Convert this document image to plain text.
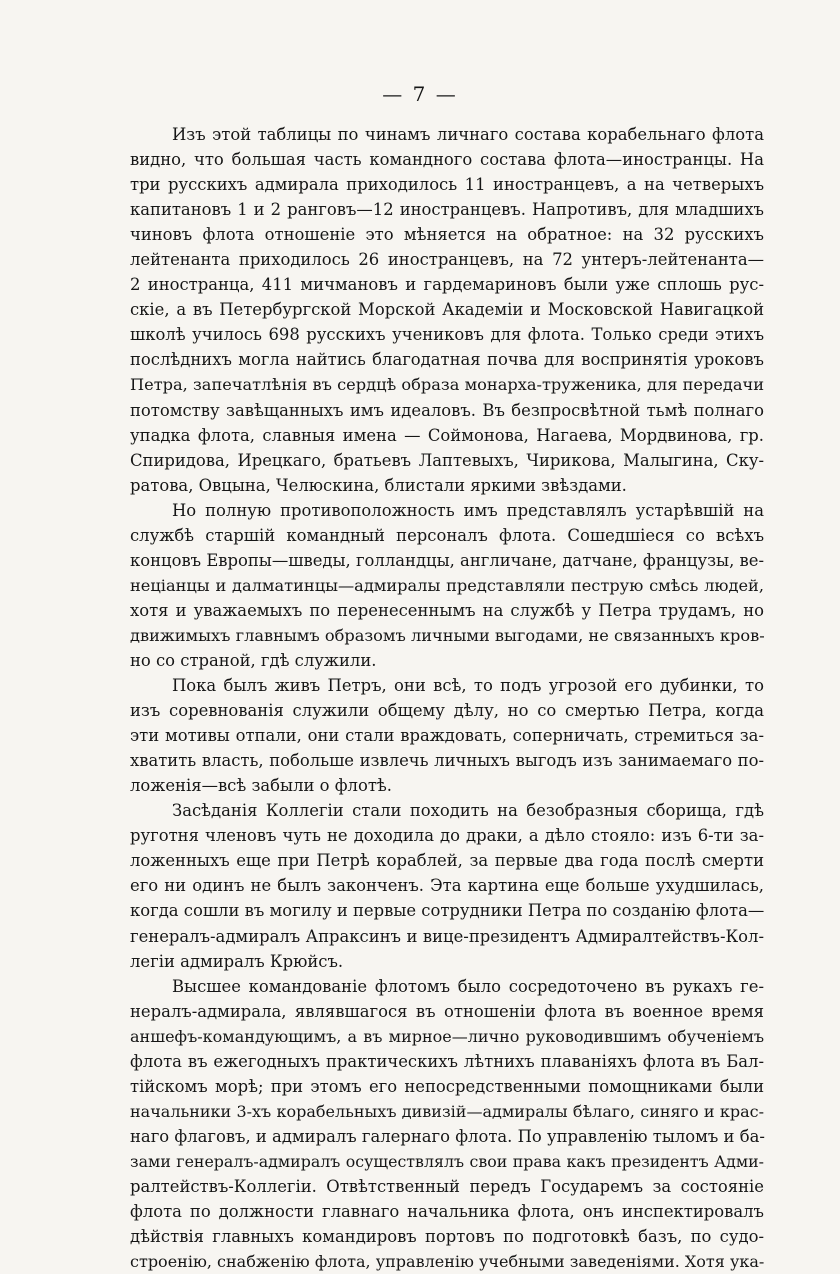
— 7 —

Изъ этой таблицы по чинамъ личнаго состава корабельнаго флота
видно, что большая часть командного состава флота—иностранцы. На
три русскихъ адмирала приходилось 11 иностранцевъ, а на четверыхъ
капитановъ 1 и 2 ранговъ—12 иностранцевъ. Напротивъ, для младшихъ
чиновъ флота отношеніе это мѣняется на обратное: на 32 русскихъ
лейтенанта приходилось 26 иностранцевъ, на 72 унтеръ-лейтенанта—
2 иностранца, 411 мичмановъ и гардемариновъ были уже сплошь рус-
скіе, а въ Петербургской Морской Академіи и Московской Навигацкой
школѣ училось 698 русскихъ учениковъ для флота. Только среди этихъ
послѣднихъ могла найтись благодатная почва для воспринятія уроковъ
Петра, запечатлѣнія въ сердцѣ образа монарха-труженика, для передачи
потомству завѣщанныхъ имъ идеаловъ. Въ безпросвѣтной тьмѣ полнаго
упадка флота, славныя имена — Соймонова, Нагаева, Мордвинова, гр.
Спиридова, Ирецкаго, братьевъ Лаптевыхъ, Чирикова, Малыгина, Ску-
ратова, Овцына, Челюскина, блистали яркими звѣздами.
Но полную противоположность имъ представлялъ устарѣвшій на
службѣ старшій командный персоналъ флота. Сошедшіеся со всѣхъ
концовъ Европы—шведы, голландцы, англичане, датчане, французы, ве-
нецiанцы и далматинцы—адмиралы представляли пеструю смѣсь людей,
хотя и уважаемыхъ по перенесеннымъ на службѣ у Петра трудамъ, но
движимыхъ главнымъ образомъ личными выгодами, не связанныхъ кров-
но со страной, гдѣ служили.
Пока былъ живъ Петръ, они всѣ, то подъ угрозой его дубинки, то
изъ соревнованія служили общему дѣлу, но со смертью Петра, когда
эти мотивы отпали, они стали враждовать, соперничать, стремиться за-
хватить власть, побольше извлечь личныхъ выгодъ изъ занимаемаго по-
ложенія—всѣ забыли о флотѣ.
Засѣданія Коллегіи стали походить на безобразныя сборища, гдѣ
руготня членовъ чуть не доходила до драки, а дѣло стояло: изъ 6-ти за-
ложенныхъ еще при Петрѣ кораблей, за первые два года послѣ смерти
его ни одинъ не былъ законченъ. Эта картина еще больше ухудшилась,
когда сошли въ могилу и первые сотрудники Петра по созданію флота—
генералъ-адмиралъ Апраксинъ и вице-президентъ Адмиралтействъ-Кол-
легіи адмиралъ Крюйсъ.
Высшее командованіе флотомъ было сосредоточено въ рукахъ ге-
нералъ-адмирала, являвшагося въ отношеніи флота въ военное время
аншефъ-командующимъ, а въ мирное—лично руководившимъ обученіемъ
флота въ ежегодныхъ практическихъ лѣтнихъ плаваніяхъ флота въ Бал-
тійскомъ морѣ; при этомъ его непосредственными помощниками были
начальники 3-хъ корабельныхъ дивизій—адмиралы бѣлаго, синяго и крас-
наго флаговъ, и адмиралъ галернаго флота. По управленію тыломъ и ба-
зами генералъ-адмиралъ осуществлялъ свои права какъ президентъ Адми-
ралтействъ-Коллегіи. Отвѣтственный передъ Государемъ за состояніе
флота по должности главнаго начальника флота, онъ инспектировалъ
дѣйствія главныхъ командировъ портовъ по подготовкѣ базъ, по судо-
строенію, снабженію флота, управленію учебными заведеніями. Хотя ука-
